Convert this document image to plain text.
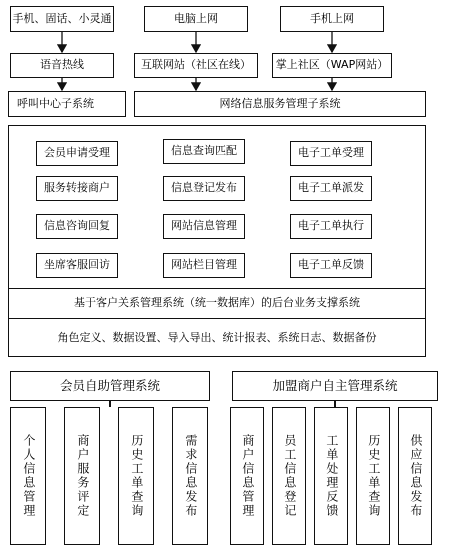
手机、固话、小灵通	电脑上网	手机上网
语音热线	互联网站（社区在线） 掌上社区（WAP网站）
呼叫中心子系统	网络信息服务管理子系统
会员申请受理
服务转接商户
信息咨询回复
坐席客服回访
信息查询匹配
信息登记发布
网站信息管理
网站栏目管理
电子工单受理
电子工单派发
电子工单执行
电子工单反馈
基于客户关系管理系统（统一数据库）的后台业务支撑系统
角色定义、数据设置、导入导出、统计报表、系统日志、数据备份
会员自助管理系统
个人信息管理	商户服务评定	历史工单查询	需求信息发布
加盟商户自主管理系统
商户信息管理 员工信息登记 工单处理反馈 历史工单查询 供应信息发布
